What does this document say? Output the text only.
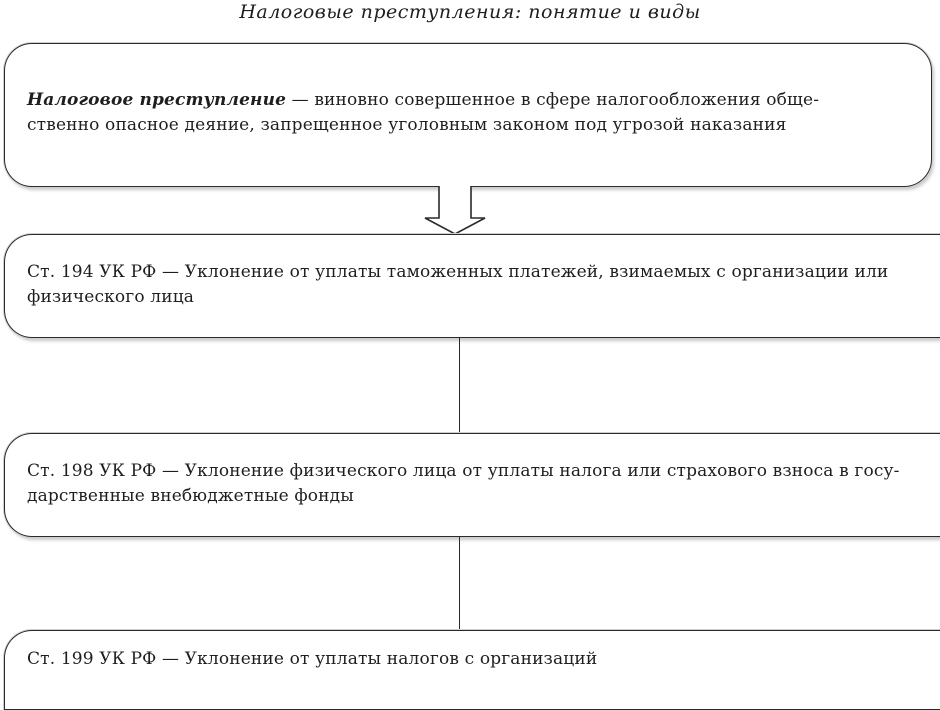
Налоговые преступления: понятие и виды
Налоговое преступление — виновно совершенное в сфере налогообложения обще-
ственно опасное деяние, запрещенное уголовным законом под угрозой наказания
Ст. 194 УК РФ — Уклонение от уплаты таможенных платежей, взимаемых с организации или
физического лица
Ст. 198 УК РФ — Уклонение физического лица от уплаты налога или страхового взноса в госу-
дарственные внебюджетные фонды
Ст. 199 УК РФ — Уклонение от уплаты налогов с организаций
